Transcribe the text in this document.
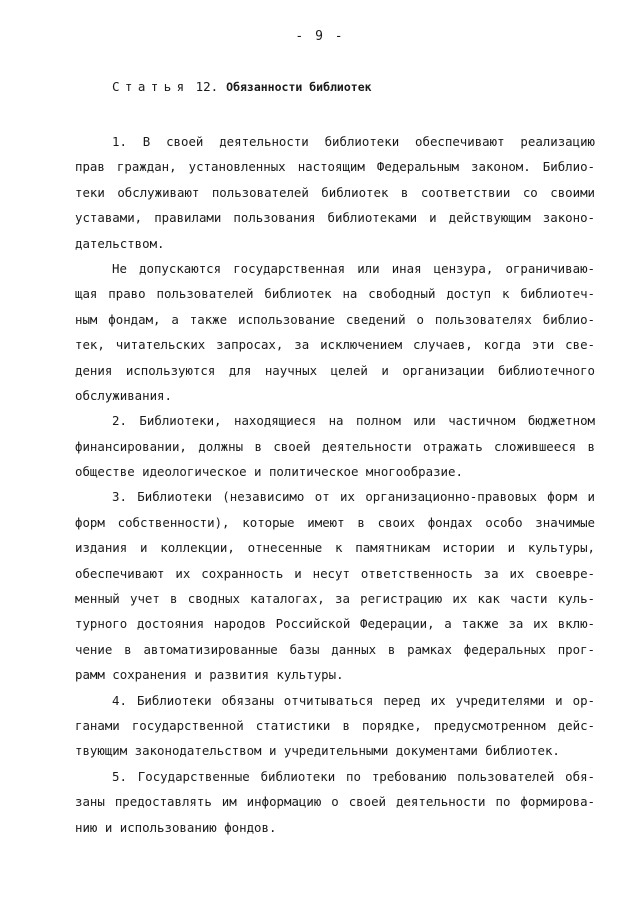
- 9 -
Статья 12. Обязанности библиотек
1. В своей деятельности библиотеки обеспечивают реализацию
прав граждан, установленных настоящим Федеральным законом. Библио-
теки обслуживают пользователей библиотек в соответствии со своими
уставами, правилами пользования библиотеками и действующим законо-
дательством.
Не допускаются государственная или иная цензура, ограничиваю-
щая право пользователей библиотек на свободный доступ к библиотеч-
ным фондам, а также использование сведений о пользователях библио-
тек, читательских запросах, за исключением случаев, когда эти све-
дения используются для научных целей и организации библиотечного
обслуживания.
2. Библиотеки, находящиеся на полном или частичном бюджетном
финансировании, должны в своей деятельности отражать сложившееся в
обществе идеологическое и политическое многообразие.
3. Библиотеки (независимо от их организационно-правовых форм и
форм собственности), которые имеют в своих фондах особо значимые
издания и коллекции, отнесенные к памятникам истории и культуры,
обеспечивают их сохранность и несут ответственность за их своевре-
менный учет в сводных каталогах, за регистрацию их как части куль-
турного достояния народов Российской Федерации, а также за их вклю-
чение в автоматизированные базы данных в рамках федеральных прог-
рамм сохранения и развития культуры.
4. Библиотеки обязаны отчитываться перед их учредителями и ор-
ганами государственной статистики в порядке, предусмотренном дейс-
твующим законодательством и учредительными документами библиотек.
5. Государственные библиотеки по требованию пользователей обя-
заны предоставлять им информацию о своей деятельности по формирова-
нию и использованию фондов.
